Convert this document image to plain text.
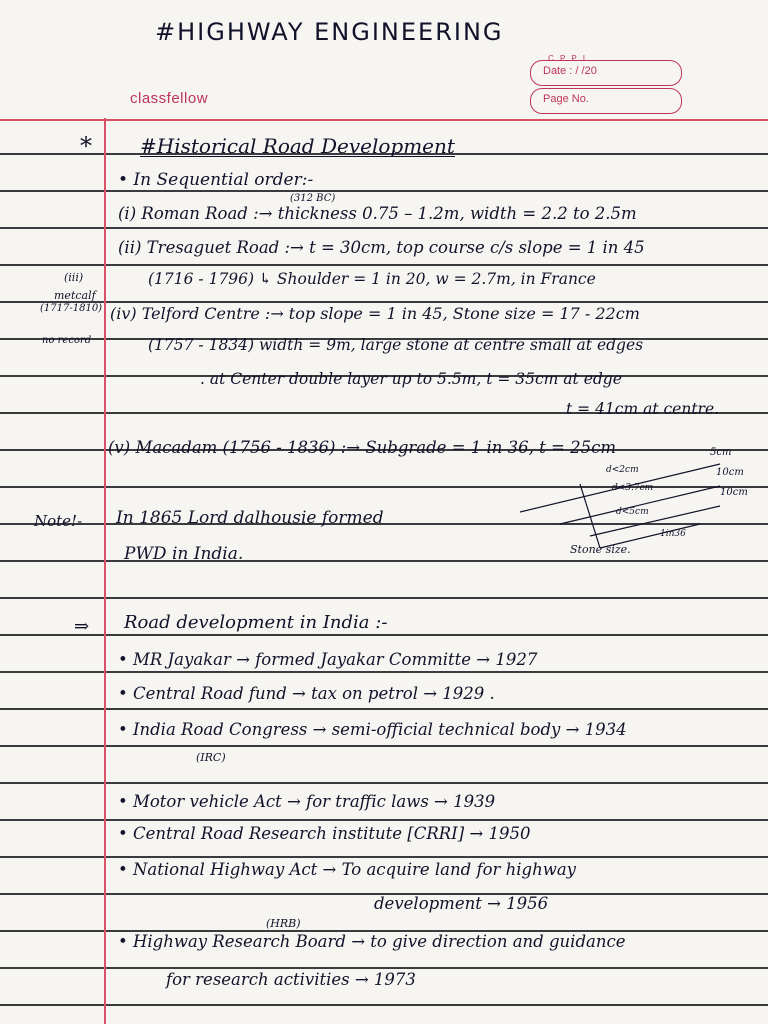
#HIGHWAY ENGINEERING
C P P L
Date : / /20
Page No.
classfellow
* #Historical Road Development
• In Sequential order:-
(312 BC)
(i) Roman Road :→ thickness 0.75 – 1.2m, width = 2.2 to 2.5m
(ii) Tresaguet Road :→ t = 30cm, top course c/s slope = 1 in 45
(1716 - 1796) ↳ Shoulder = 1 in 20, w = 2.7m, in France
(iii)
metcalf
(1717-1810)
no record
(iv) Telford Centre :→ top slope = 1 in 45, Stone size = 17 - 22cm
(1757 - 1834) width = 9m, large stone at centre small at edges
. at Center double layer up to 5.5m, t = 35cm at edge
t = 41cm at centre.
(v) Macadam (1756 - 1836) :→ Subgrade = 1 in 36, t = 25cm	5cm
10cm
10cm
d<2cm
d<3.7cm
d<5cm
1in36
Stone size.
Note!- In 1865 Lord dalhousie formed
PWD in India.
⇒ Road development in India :-
• MR Jayakar → formed Jayakar Committe → 1927
• Central Road fund → tax on petrol → 1929 .
• India Road Congress → semi-official technical body → 1934
(IRC)
• Motor vehicle Act → for traffic laws → 1939
• Central Road Research institute [CRRI] → 1950
• National Highway Act → To acquire land for highway
development → 1956
(HRB)
• Highway Research Board → to give direction and guidance
for research activities → 1973
